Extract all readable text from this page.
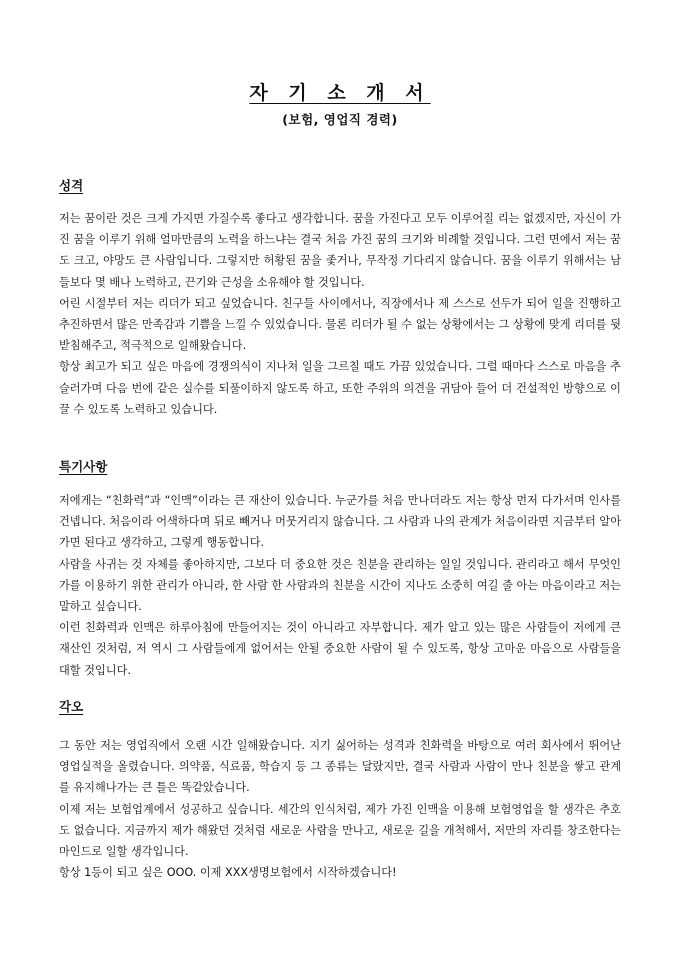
자 기 소 개 서
(보험, 영업직 경력)
성격

저는 꿈이란 것은 크게 가지면 가질수록 좋다고 생각합니다. 꿈을 가진다고 모두 이루어질 리는 없겠지만, 자신이 가진 꿈을 이루기 위해 얼마만큼의 노력을 하느냐는 결국 처음 가진 꿈의 크기와 비례할 것입니다. 그런 면에서 저는 꿈도 크고, 야망도 큰 사람입니다. 그렇지만 허황된 꿈을 좇거나, 무작정 기다리지 않습니다. 꿈을 이루기 위해서는 남들보다 몇 배나 노력하고, 끈기와 근성을 소유해야 할 것입니다.

어린 시절부터 저는 리더가 되고 싶었습니다. 친구들 사이에서나, 직장에서나 제 스스로 선두가 되어 일을 진행하고 추진하면서 많은 만족감과 기쁨을 느낄 수 있었습니다. 물론 리더가 될 수 없는 상황에서는 그 상황에 맞게 리더를 뒷받침해주고, 적극적으로 일해왔습니다.

항상 최고가 되고 싶은 마음에 경쟁의식이 지나쳐 일을 그르칠 때도 가끔 있었습니다. 그럴 때마다 스스로 마음을 추슬러가며 다음 번에 같은 실수를 되풀이하지 않도록 하고, 또한 주위의 의견을 귀담아 들어 더 건설적인 방향으로 이끌 수 있도록 노력하고 있습니다.

특기사항

저에게는 “친화력”과 “인맥”이라는 큰 재산이 있습니다. 누군가를 처음 만나더라도 저는 항상 먼저 다가서며 인사를 건넵니다. 처음이라 어색하다며 뒤로 빼거나 머뭇거리지 않습니다. 그 사람과 나의 관계가 처음이라면 지금부터 알아 가면 된다고 생각하고, 그렇게 행동합니다.

사람을 사귀는 것 자체를 좋아하지만, 그보다 더 중요한 것은 친분을 관리하는 일일 것입니다. 관리라고 해서 무엇인가를 이용하기 위한 관리가 아니라, 한 사람 한 사람과의 친분을 시간이 지나도 소중히 여길 줄 아는 마음이라고 저는 말하고 싶습니다.

이런 친화력과 인맥은 하루아침에 만들어지는 것이 아니라고 자부합니다. 제가 알고 있는 많은 사람들이 저에게 큰 재산인 것처럼, 저 역시 그 사람들에게 없어서는 안될 중요한 사람이 될 수 있도록, 항상 고마운 마음으로 사람들을 대할 것입니다.

각오

그 동안 저는 영업직에서 오랜 시간 일해왔습니다. 지기 싫어하는 성격과 친화력을 바탕으로 여러 회사에서 뛰어난 영업실적을 올렸습니다. 의약품, 식료품, 학습지 등 그 종류는 달랐지만, 결국 사람과 사람이 만나 친분을 쌓고 관계를 유지해나가는 큰 틀은 똑같았습니다.

이제 저는 보험업계에서 성공하고 싶습니다. 세간의 인식처럼, 제가 가진 인맥을 이용해 보험영업을 할 생각은 추호도 없습니다. 지금까지 제가 해왔던 것처럼 새로운 사람을 만나고, 새로운 길을 개척해서, 저만의 자리를 창조한다는 마인드로 일할 생각입니다.

항상 1등이 되고 싶은 OOO. 이제 XXX생명보험에서 시작하겠습니다!
